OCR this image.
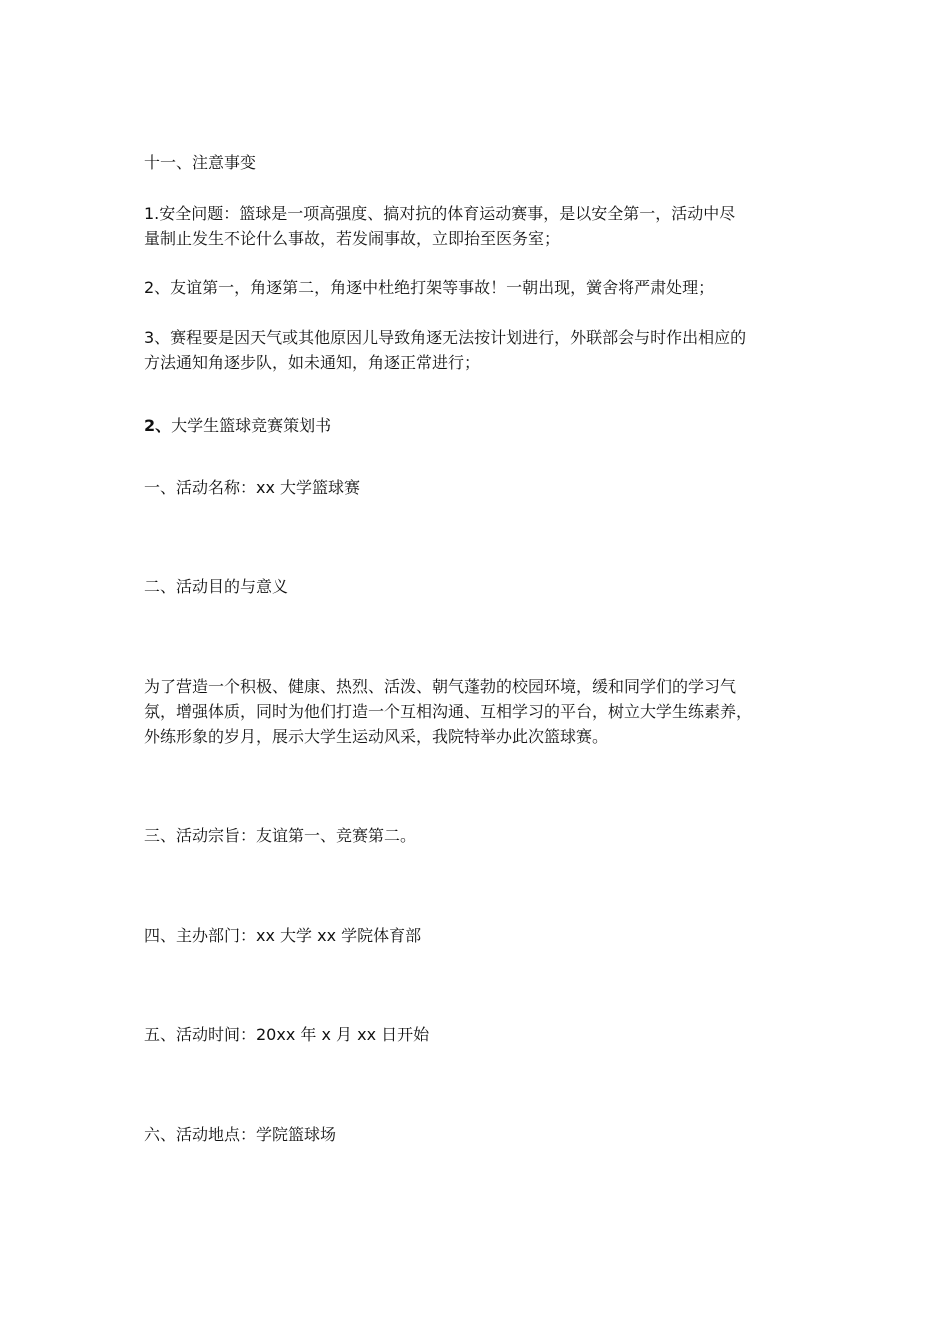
十一、注意事变
1.安全问题：篮球是一项高强度、搞对抗的体育运动赛事，是以安全第一，活动中尽
量制止发生不论什么事故，若发闹事故，立即抬至医务室；
2、友谊第一，角逐第二，角逐中杜绝打架等事故！一朝出现，黉舍将严肃处理；
3、赛程要是因天气或其他原因儿导致角逐无法按计划进行，外联部会与时作出相应的
方法通知角逐步队，如未通知，角逐正常进行；
2、大学生篮球竞赛策划书
一、活动名称：xx 大学篮球赛
二、活动目的与意义
为了营造一个积极、健康、热烈、活泼、朝气蓬勃的校园环境，缓和同学们的学习气
氛，增强体质，同时为他们打造一个互相沟通、互相学习的平台，树立大学生练素养，
外练形象的岁月，展示大学生运动风采，我院特举办此次篮球赛。
三、活动宗旨：友谊第一、竞赛第二。
四、主办部门：xx 大学 xx 学院体育部
五、活动时间：20xx 年 x 月 xx 日开始
六、活动地点：学院篮球场
